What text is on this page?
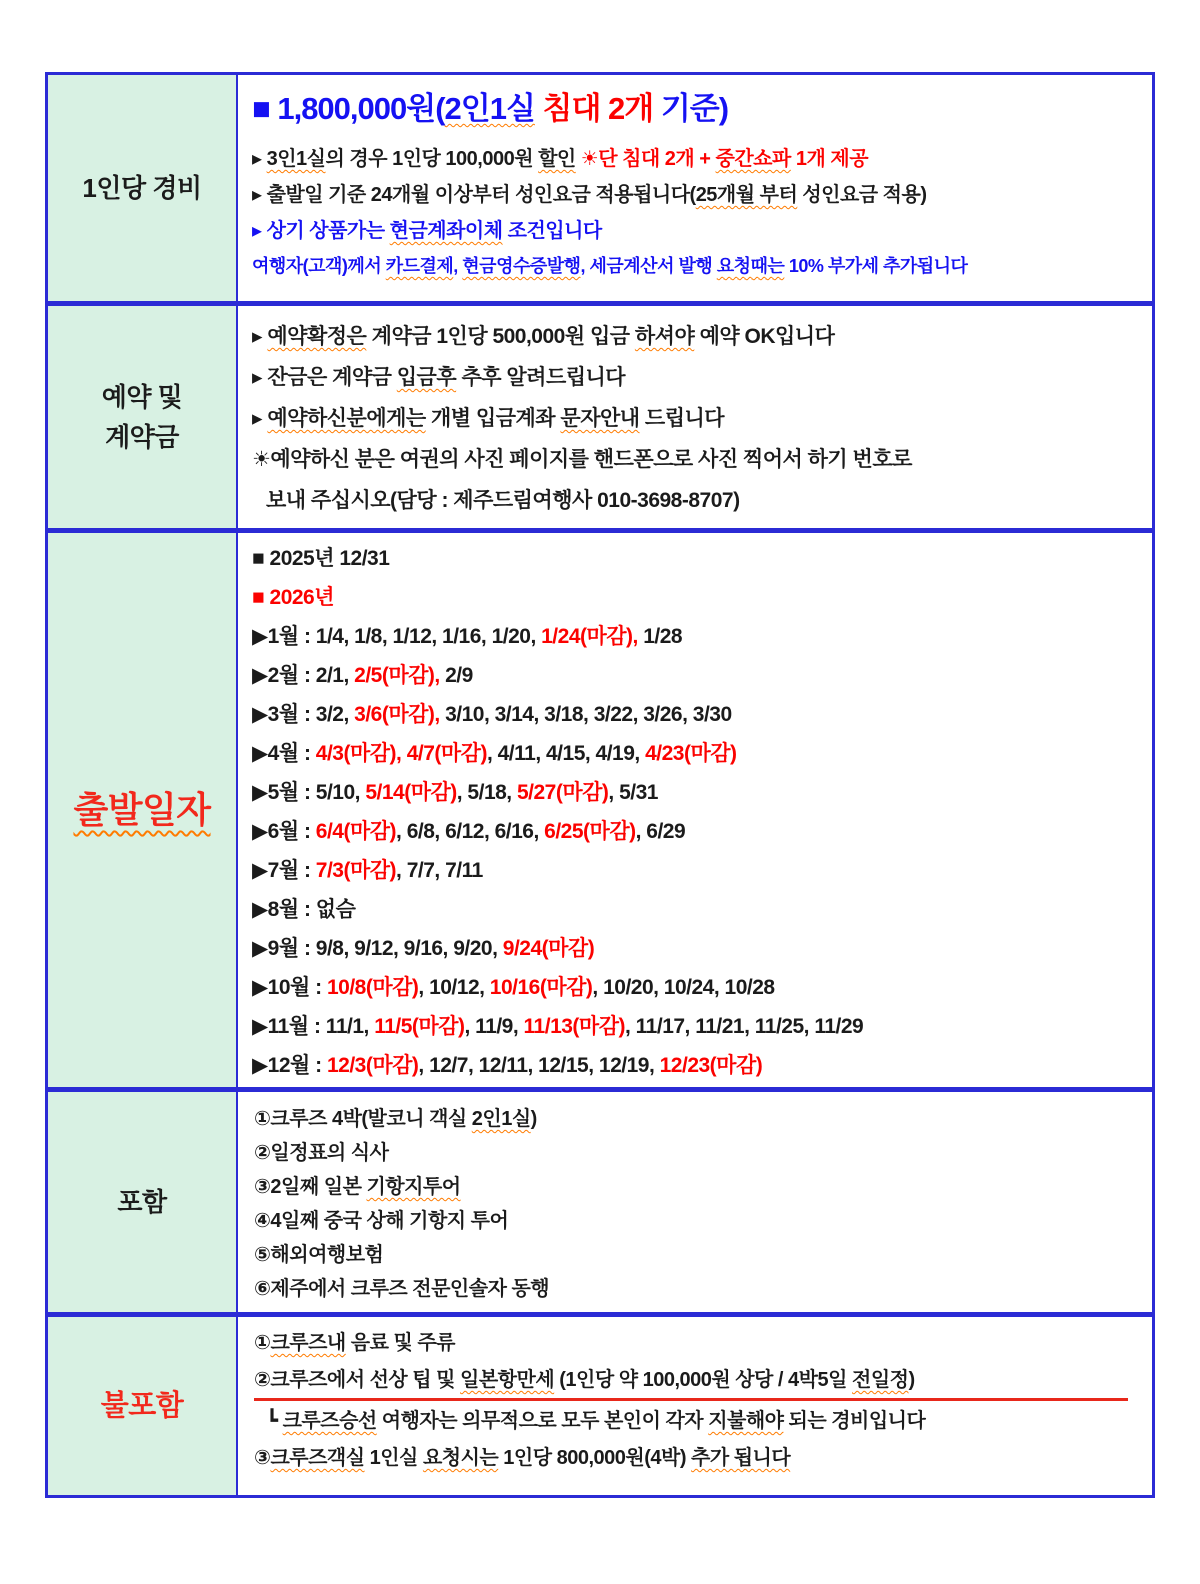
1인당 경비
■ 1,800,000원(2인1실 침대 2개 기준)
▸ 3인1실의 경우 1인당 100,000원 할인 ☀단 침대 2개 + 중간쇼파 1개 제공
▸ 출발일 기준 24개월 이상부터 성인요금 적용됩니다(25개월 부터 성인요금 적용)
▸ 상기 상품가는 현금계좌이체 조건입니다
여행자(고객)께서 카드결제, 현금영수증발행, 세금계산서 발행 요청때는 10% 부가세 추가됩니다
예약 및
계약금
▸ 예약확정은 계약금 1인당 500,000원 입금 하셔야 예약 OK입니다
▸ 잔금은 계약금 입금후 추후 알려드립니다
▸ 예약하신분에게는 개별 입금계좌 문자안내 드립니다
☀예약하신 분은 여권의 사진 페이지를 핸드폰으로 사진 찍어서 하기 번호로
보내 주십시오(담당 : 제주드림여행사 010-3698-8707)
출발일자
■ 2025년 12/31
■ 2026년
▶1월 : 1/4, 1/8, 1/12, 1/16, 1/20, 1/24(마감), 1/28
▶2월 : 2/1, 2/5(마감), 2/9
▶3월 : 3/2, 3/6(마감), 3/10, 3/14, 3/18, 3/22, 3/26, 3/30
▶4월 : 4/3(마감), 4/7(마감), 4/11, 4/15, 4/19, 4/23(마감)
▶5월 : 5/10, 5/14(마감), 5/18, 5/27(마감), 5/31
▶6월 : 6/4(마감), 6/8, 6/12, 6/16, 6/25(마감), 6/29
▶7월 : 7/3(마감), 7/7, 7/11
▶8월 : 없슴
▶9월 : 9/8, 9/12, 9/16, 9/20, 9/24(마감)
▶10월 : 10/8(마감), 10/12, 10/16(마감), 10/20, 10/24, 10/28
▶11월 : 11/1, 11/5(마감), 11/9, 11/13(마감), 11/17, 11/21, 11/25, 11/29
▶12월 : 12/3(마감), 12/7, 12/11, 12/15, 12/19, 12/23(마감)
포함
①크루즈 4박(발코니 객실 2인1실)
②일정표의 식사
③2일째 일본 기항지투어
④4일째 중국 상해 기항지 투어
⑤해외여행보험
⑥제주에서 크루즈 전문인솔자 동행
불포함
①크루즈내 음료 및 주류
②크루즈에서 선상 팁 및 일본항만세 (1인당 약 100,000원 상당 / 4박5일 전일정)
┗ 크루즈승선 여행자는 의무적으로 모두 본인이 각자 지불해야 되는 경비입니다
③크루즈객실 1인실 요청시는 1인당 800,000원(4박) 추가 됩니다
